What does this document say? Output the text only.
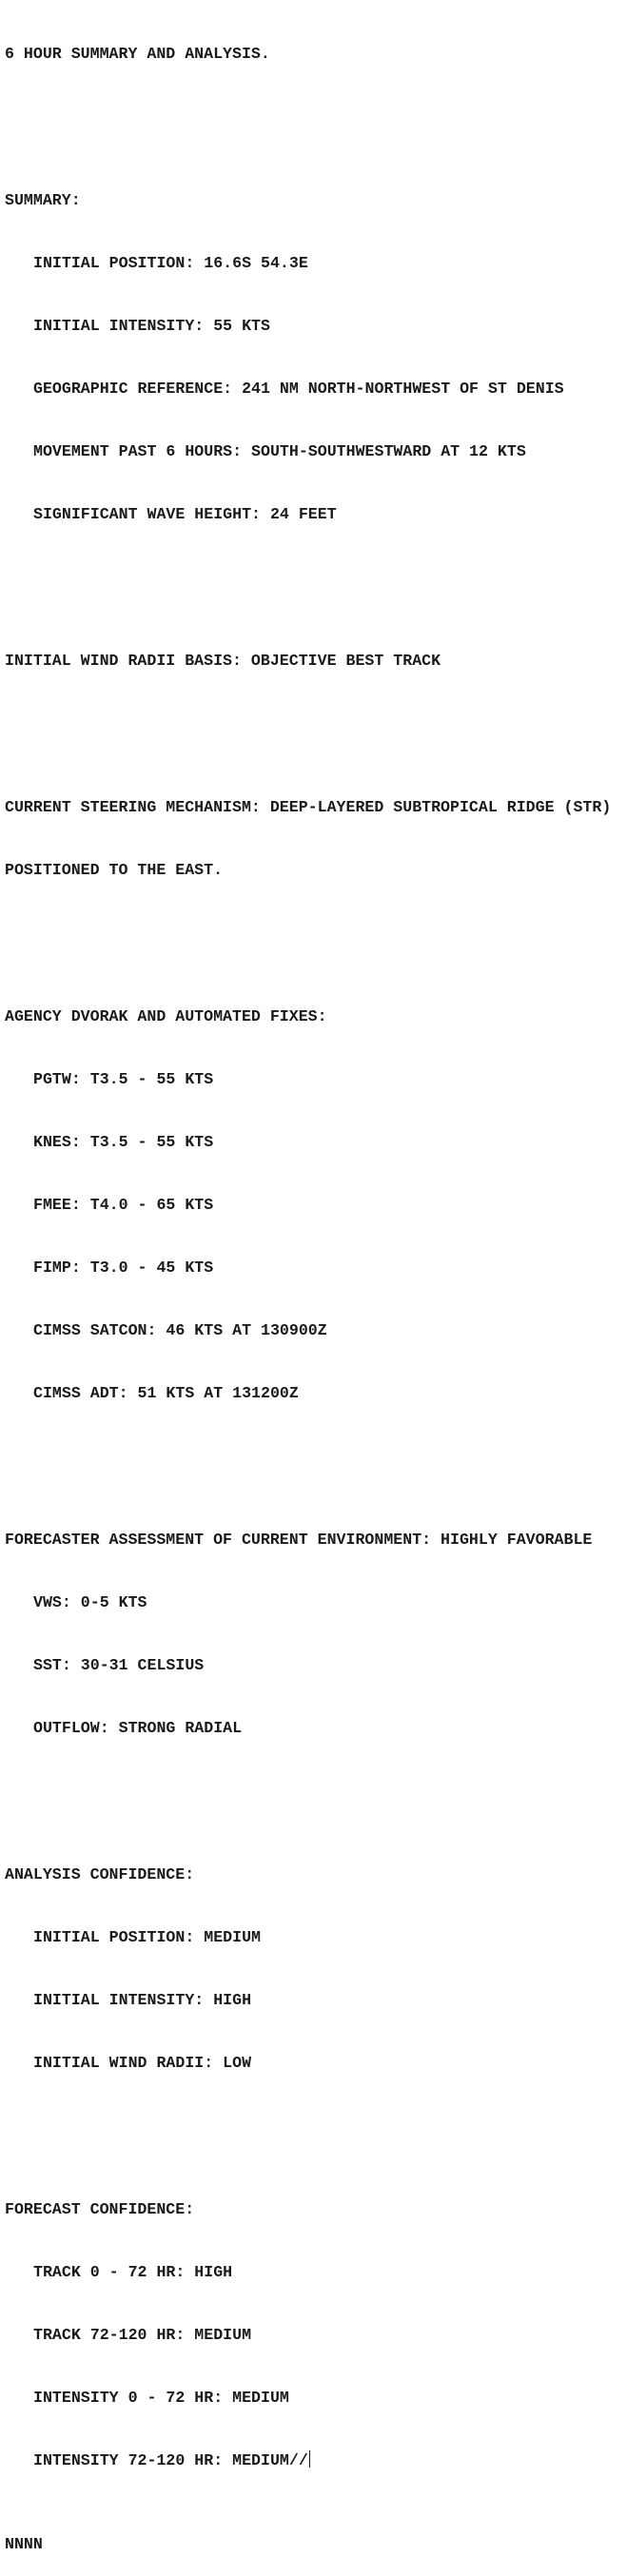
6 HOUR SUMMARY AND ANALYSIS.

SUMMARY:

INITIAL POSITION: 16.6S 54.3E

INITIAL INTENSITY: 55 KTS

GEOGRAPHIC REFERENCE: 241 NM NORTH-NORTHWEST OF ST DENIS

MOVEMENT PAST 6 HOURS: SOUTH-SOUTHWESTWARD AT 12 KTS

SIGNIFICANT WAVE HEIGHT: 24 FEET

INITIAL WIND RADII BASIS: OBJECTIVE BEST TRACK

CURRENT STEERING MECHANISM: DEEP-LAYERED SUBTROPICAL RIDGE (STR)

POSITIONED TO THE EAST.

AGENCY DVORAK AND AUTOMATED FIXES:

PGTW: T3.5 - 55 KTS

KNES: T3.5 - 55 KTS

FMEE: T4.0 - 65 KTS

FIMP: T3.0 - 45 KTS

CIMSS SATCON: 46 KTS AT 130900Z

CIMSS ADT: 51 KTS AT 131200Z

FORECASTER ASSESSMENT OF CURRENT ENVIRONMENT: HIGHLY FAVORABLE

VWS: 0-5 KTS

SST: 30-31 CELSIUS

OUTFLOW: STRONG RADIAL

ANALYSIS CONFIDENCE:

INITIAL POSITION: MEDIUM

INITIAL INTENSITY: HIGH

INITIAL WIND RADII: LOW

FORECAST CONFIDENCE:

TRACK 0 - 72 HR: HIGH

TRACK 72-120 HR: MEDIUM

INTENSITY 0 - 72 HR: MEDIUM

INTENSITY 72-120 HR: MEDIUM//

NNNN
